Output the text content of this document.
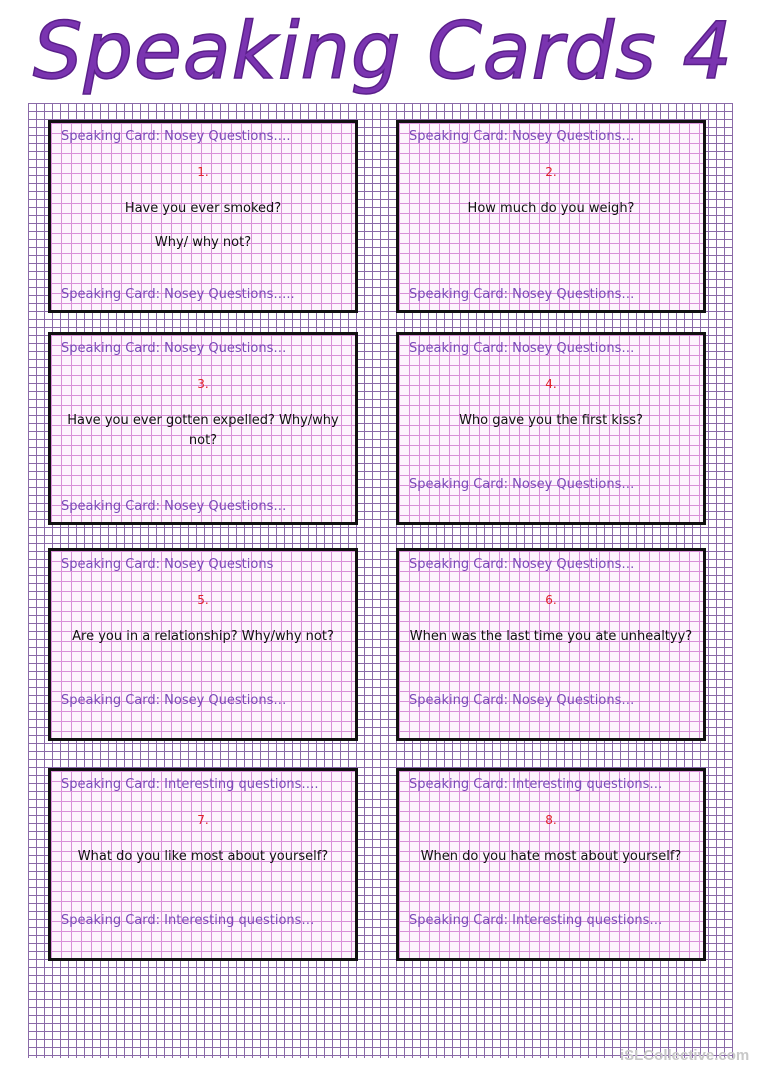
Speaking Cards 4
Speaking Card: Nosey Questions….
1.
Have you ever smoked?
Why/ why not?
Speaking Card: Nosey Questions…..
Speaking Card: Nosey Questions…
2.
How much do you weigh?
Speaking Card: Nosey Questions…
Speaking Card: Nosey Questions…
3.
Have you ever gotten expelled? Why/why not?
Speaking Card: Nosey Questions…
Speaking Card: Nosey Questions…
4.
Who gave you the first kiss?
Speaking Card: Nosey Questions…
Speaking Card: Nosey Questions
5.
Are you in a relationship? Why/why not?
Speaking Card: Nosey Questions…
Speaking Card: Nosey Questions…
6.
When was the last time you ate unhealtyy?
Speaking Card: Nosey Questions…
Speaking Card: Interesting questions….
7.
What do you like most about yourself?
Speaking Card: Interesting questions…
Speaking Card: Interesting questions…
8.
When do you hate most about yourself?
Speaking Card: Interesting questions…
iSLCollective.com
